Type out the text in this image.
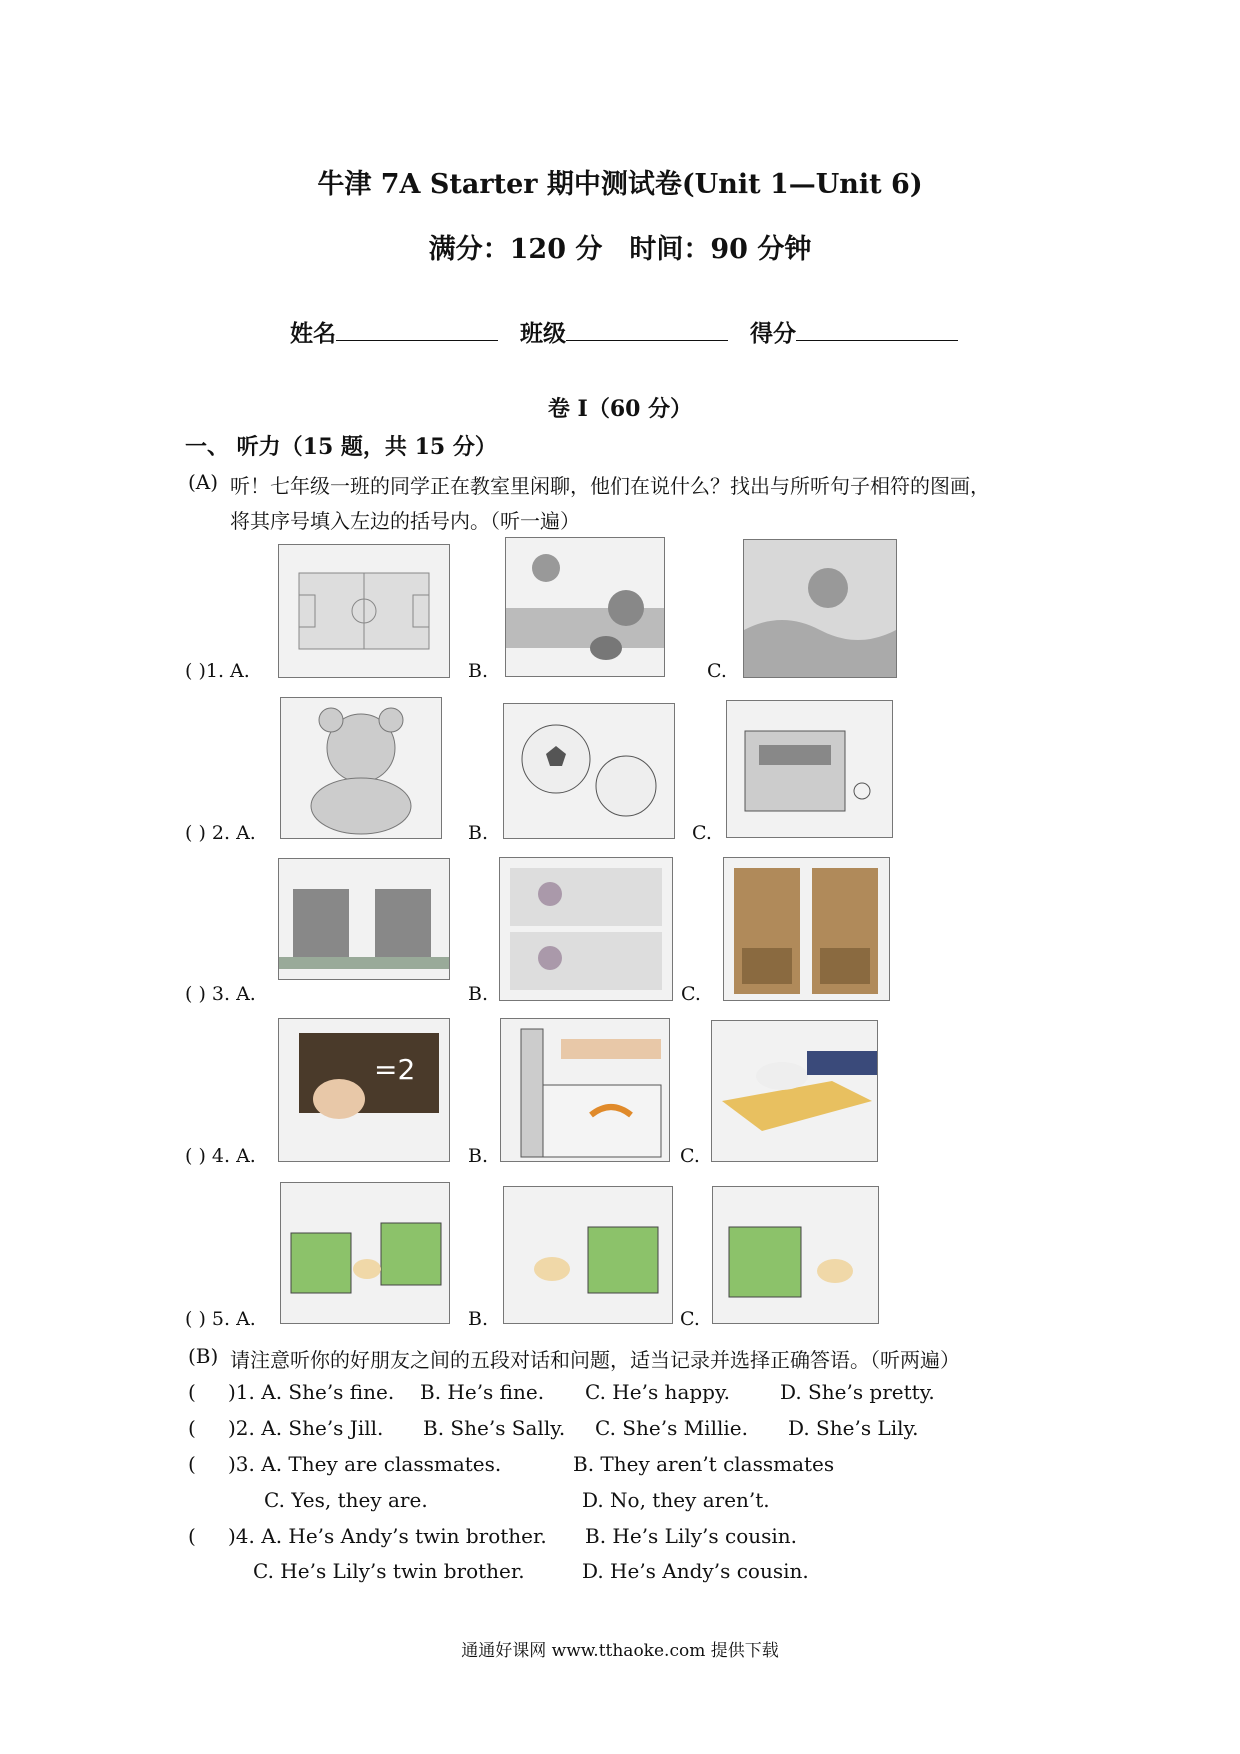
牛津 7A Starter 期中测试卷(Unit 1—Unit 6)
满分：120 分　时间：90 分钟
姓名	班级	得分
卷 I（60 分）
一、 听力（15 题，共 15 分）
(A) 听！七年级一班的同学正在教室里闲聊，他们在说什么？找出与所听句子相符的图画，
将其序号填入左边的括号内。（听一遍）
( )1. A.	B.	C.
( ) 2. A.	B.	C.
( ) 3. A.	B.	C.
=2
( ) 4. A.	B.	C.
( ) 5. A.	B.	C.
(B) 请注意听你的好朋友之间的五段对话和问题，适当记录并选择正确答语。（听两遍）
( )1. A. She’s fine. B. He’s fine. C. He’s happy.	D. She’s pretty.
( )2. A. She’s Jill. B. She’s Sally. C. She’s Millie. D. She’s Lily.
( )3. A. They are classmates.	B. They aren’t classmates
C. Yes, they are.	D. No, they aren’t.
( )4. A. He’s Andy’s twin brother. B. He’s Lily’s cousin.
C. He’s Lily’s twin brother.	D. He’s Andy’s cousin.
通通好课网 www.tthaoke.com 提供下载
